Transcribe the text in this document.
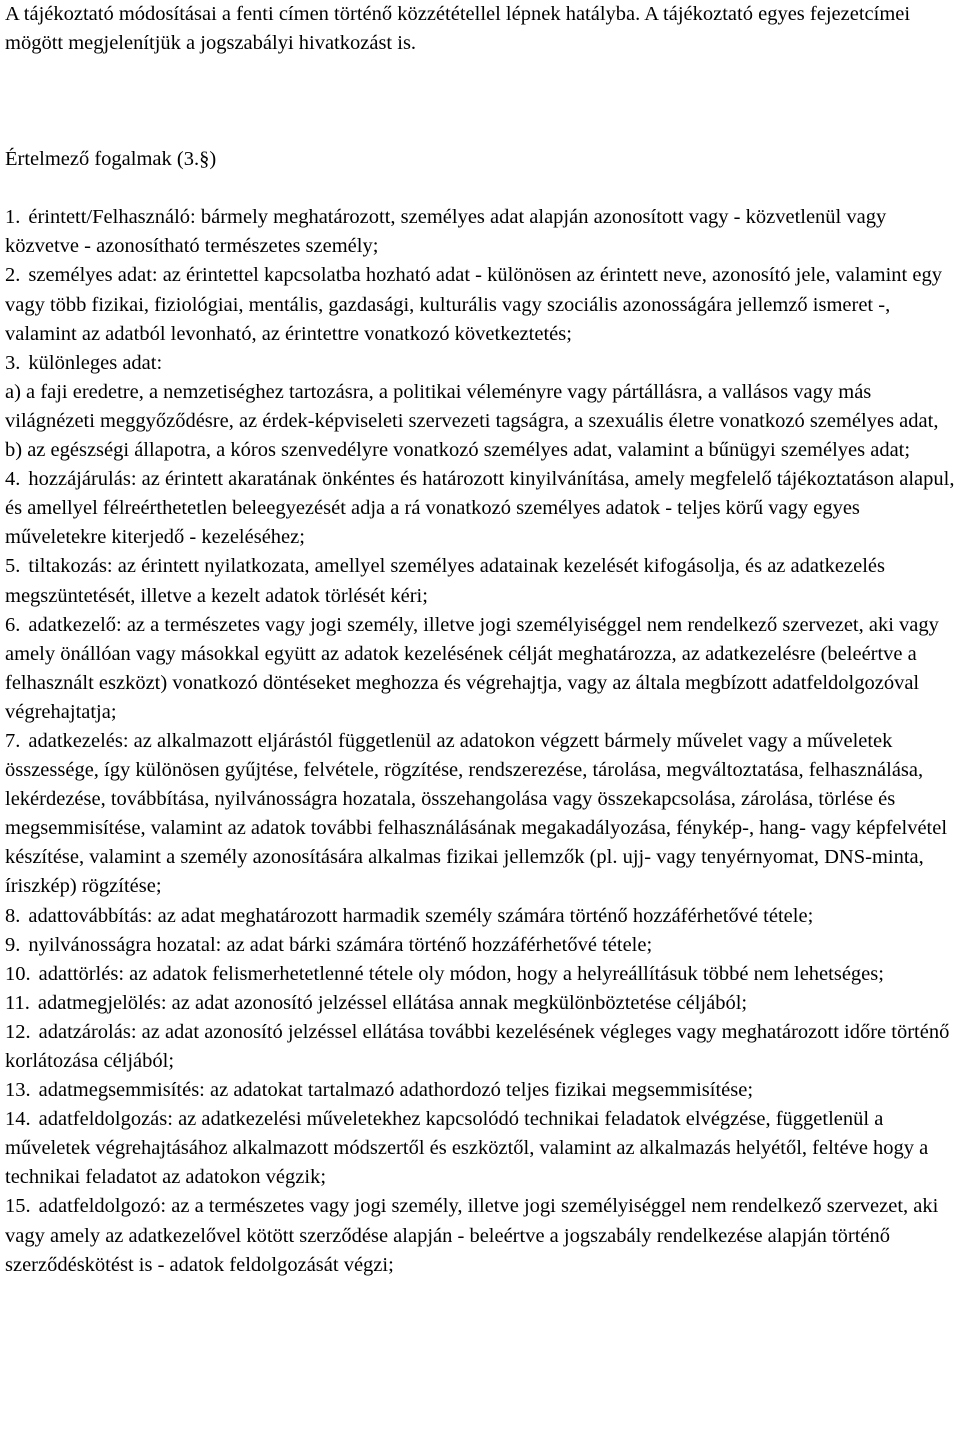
A tájékoztató módosításai a fenti címen történő közzététellel lépnek hatályba. A tájékoztató egyes fejezetcímei mögött megjelenítjük a jogszabályi hivatkozást is.

Értelmező fogalmak (3.§)

1. érintett/Felhasználó: bármely meghatározott, személyes adat alapján azonosított vagy - közvetlenül vagy közvetve - azonosítható természetes személy;

2. személyes adat: az érintettel kapcsolatba hozható adat - különösen az érintett neve, azonosító jele, valamint egy vagy több fizikai, fiziológiai, mentális, gazdasági, kulturális vagy szociális azonosságára jellemző ismeret -, valamint az adatból levonható, az érintettre vonatkozó következtetés;

3. különleges adat:

a) a faji eredetre, a nemzetiséghez tartozásra, a politikai véleményre vagy pártállásra, a vallásos vagy más világnézeti meggyőződésre, az érdek-képviseleti szervezeti tagságra, a szexuális életre vonatkozó személyes adat,

b) az egészségi állapotra, a kóros szenvedélyre vonatkozó személyes adat, valamint a bűnügyi személyes adat;

4. hozzájárulás: az érintett akaratának önkéntes és határozott kinyilvánítása, amely megfelelő tájékoztatáson alapul, és amellyel félreérthetetlen beleegyezését adja a rá vonatkozó személyes adatok - teljes körű vagy egyes műveletekre kiterjedő - kezeléséhez;

5. tiltakozás: az érintett nyilatkozata, amellyel személyes adatainak kezelését kifogásolja, és az adatkezelés megszüntetését, illetve a kezelt adatok törlését kéri;

6. adatkezelő: az a természetes vagy jogi személy, illetve jogi személyiséggel nem rendelkező szervezet, aki vagy amely önállóan vagy másokkal együtt az adatok kezelésének célját meghatározza, az adatkezelésre (beleértve a felhasznált eszközt) vonatkozó döntéseket meghozza és végrehajtja, vagy az általa megbízott adatfeldolgozóval végrehajtatja;

7. adatkezelés: az alkalmazott eljárástól függetlenül az adatokon végzett bármely művelet vagy a műveletek összessége, így különösen gyűjtése, felvétele, rögzítése, rendszerezése, tárolása, megváltoztatása, felhasználása, lekérdezése, továbbítása, nyilvánosságra hozatala, összehangolása vagy összekapcsolása, zárolása, törlése és megsemmisítése, valamint az adatok további felhasználásának megakadályozása, fénykép-, hang- vagy képfelvétel készítése, valamint a személy azonosítására alkalmas fizikai jellemzők (pl. ujj- vagy tenyérnyomat, DNS-minta, íriszkép) rögzítése;

8. adattovábbítás: az adat meghatározott harmadik személy számára történő hozzáférhetővé tétele;

9. nyilvánosságra hozatal: az adat bárki számára történő hozzáférhetővé tétele;

10. adattörlés: az adatok felismerhetetlenné tétele oly módon, hogy a helyreállításuk többé nem lehetséges;

11. adatmegjelölés: az adat azonosító jelzéssel ellátása annak megkülönböztetése céljából;

12. adatzárolás: az adat azonosító jelzéssel ellátása további kezelésének végleges vagy meghatározott időre történő korlátozása céljából;

13. adatmegsemmisítés: az adatokat tartalmazó adathordozó teljes fizikai megsemmisítése;

14. adatfeldolgozás: az adatkezelési műveletekhez kapcsolódó technikai feladatok elvégzése, függetlenül a műveletek végrehajtásához alkalmazott módszertől és eszköztől, valamint az alkalmazás helyétől, feltéve hogy a technikai feladatot az adatokon végzik;

15. adatfeldolgozó: az a természetes vagy jogi személy, illetve jogi személyiséggel nem rendelkező szervezet, aki vagy amely az adatkezelővel kötött szerződése alapján - beleértve a jogszabály rendelkezése alapján történő szerződéskötést is - adatok feldolgozását végzi;
